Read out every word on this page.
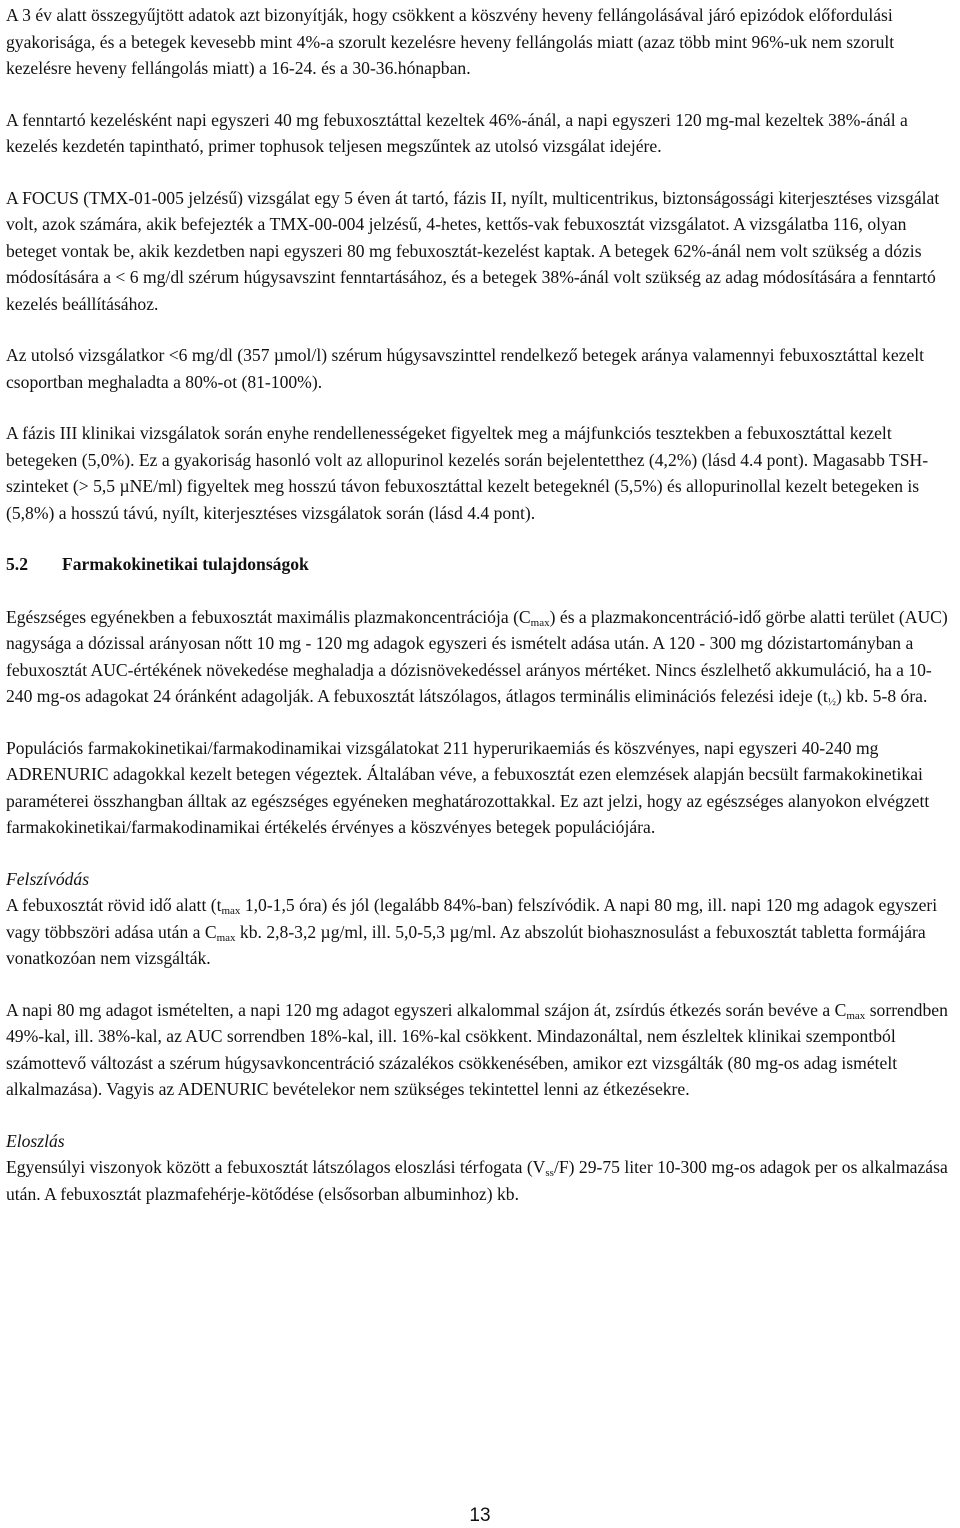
A 3 év alatt összegyűjtött adatok azt bizonyítják, hogy csökkent a köszvény heveny fellángolásával járó epizódok előfordulási gyakorisága, és a betegek kevesebb mint 4%-a szorult kezelésre heveny fellángolás miatt (azaz több mint 96%-uk nem szorult kezelésre heveny fellángolás miatt) a 16-24. és a 30-36.hónapban.

A fenntartó kezelésként napi egyszeri 40 mg febuxosztáttal kezeltek 46%-ánál, a napi egyszeri 120 mg-mal kezeltek 38%-ánál a kezelés kezdetén tapintható, primer tophusok teljesen megszűntek az utolsó vizsgálat idejére.

A FOCUS (TMX-01-005 jelzésű) vizsgálat egy 5 éven át tartó, fázis II, nyílt, multicentrikus, biztonságossági kiterjesztéses vizsgálat volt, azok számára, akik befejezték a TMX-00-004 jelzésű, 4-hetes, kettős-vak febuxosztát vizsgálatot. A vizsgálatba 116, olyan beteget vontak be, akik kezdetben napi egyszeri 80 mg febuxosztát-kezelést kaptak. A betegek 62%-ánál nem volt szükség a dózis módosítására a < 6 mg/dl szérum húgysavszint fenntartásához, és a betegek 38%-ánál volt szükség az adag módosítására a fenntartó kezelés beállításához.

Az utolsó vizsgálatkor <6 mg/dl (357 µmol/l) szérum húgysavszinttel rendelkező betegek aránya valamennyi febuxosztáttal kezelt csoportban meghaladta a 80%-ot (81-100%).

A fázis III klinikai vizsgálatok során enyhe rendellenességeket figyeltek meg a májfunkciós tesztekben a febuxosztáttal kezelt betegeken (5,0%). Ez a gyakoriság hasonló volt az allopurinol kezelés során bejelentetthez (4,2%) (lásd 4.4 pont). Magasabb TSH-szinteket (> 5,5 µNE/ml) figyeltek meg hosszú távon febuxosztáttal kezelt betegeknél (5,5%) és allopurinollal kezelt betegeken is (5,8%) a hosszú távú, nyílt, kiterjesztéses vizsgálatok során (lásd 4.4 pont).

5.2 Farmakokinetikai tulajdonságok

Egészséges egyénekben a febuxosztát maximális plazmakoncentrációja $(C_{max})$ és a plazmakoncentráció-idő görbe alatti terület (AUC) nagysága a dózissal arányosan nőtt 10 mg - 120 mg adagok egyszeri és ismételt adása után. A 120 - 300 mg dózistartományban a febuxosztát AUC-értékének növekedése meghaladja a dózisnövekedéssel arányos mértéket. Nincs észlelhető akkumuláció, ha a 10-240 mg-os adagokat 24 óránként adagolják. A febuxosztát látszólagos, átlagos terminális eliminációs felezési ideje $(t_{\frac{1}{2}})$ kb. 5-8 óra.

Populációs farmakokinetikai/farmakodinamikai vizsgálatokat 211 hyperurikaemiás és köszvényes, napi egyszeri 40-240 mg ADRENURIC adagokkal kezelt betegen végeztek. Általában véve, a febuxosztát ezen elemzések alapján becsült farmakokinetikai paraméterei összhangban álltak az egészséges egyéneken meghatározottakkal. Ez azt jelzi, hogy az egészséges alanyokon elvégzett farmakokinetikai/farmakodinamikai értékelés érvényes a köszvényes betegek populációjára.

Felszívódás

A febuxosztát rövid idő alatt ($t_{max}$ 1,0-1,5 óra) és jól (legalább 84%-ban) felszívódik. A napi 80 mg, ill. napi 120 mg adagok egyszeri vagy többszöri adása után a $C_{max}$ kb. 2,8-3,2 µg/ml, ill. 5,0-5,3 µg/ml. Az abszolút biohasznosulást a febuxosztát tabletta formájára vonatkozóan nem vizsgálták.

A napi 80 mg adagot ismételten, a napi 120 mg adagot egyszeri alkalommal szájon át, zsírdús étkezés során bevéve a $C_{max}$ sorrendben 49%-kal, ill. 38%-kal, az AUC sorrendben 18%-kal, ill. 16%-kal csökkent. Mindazonáltal, nem észleltek klinikai szempontból számottevő változást a szérum húgysavkoncentráció százalékos csökkenésében, amikor ezt vizsgálták (80 mg-os adag ismételt alkalmazása). Vagyis az ADENURIC bevételekor nem szükséges tekintettel lenni az étkezésekre.

Eloszlás

Egyensúlyi viszonyok között a febuxosztát látszólagos eloszlási térfogata $(V_{ss}/F)$ 29-75 liter 10-300 mg-os adagok per os alkalmazása után. A febuxosztát plazmafehérje-kötődése (elsősorban albuminhoz) kb.

13
